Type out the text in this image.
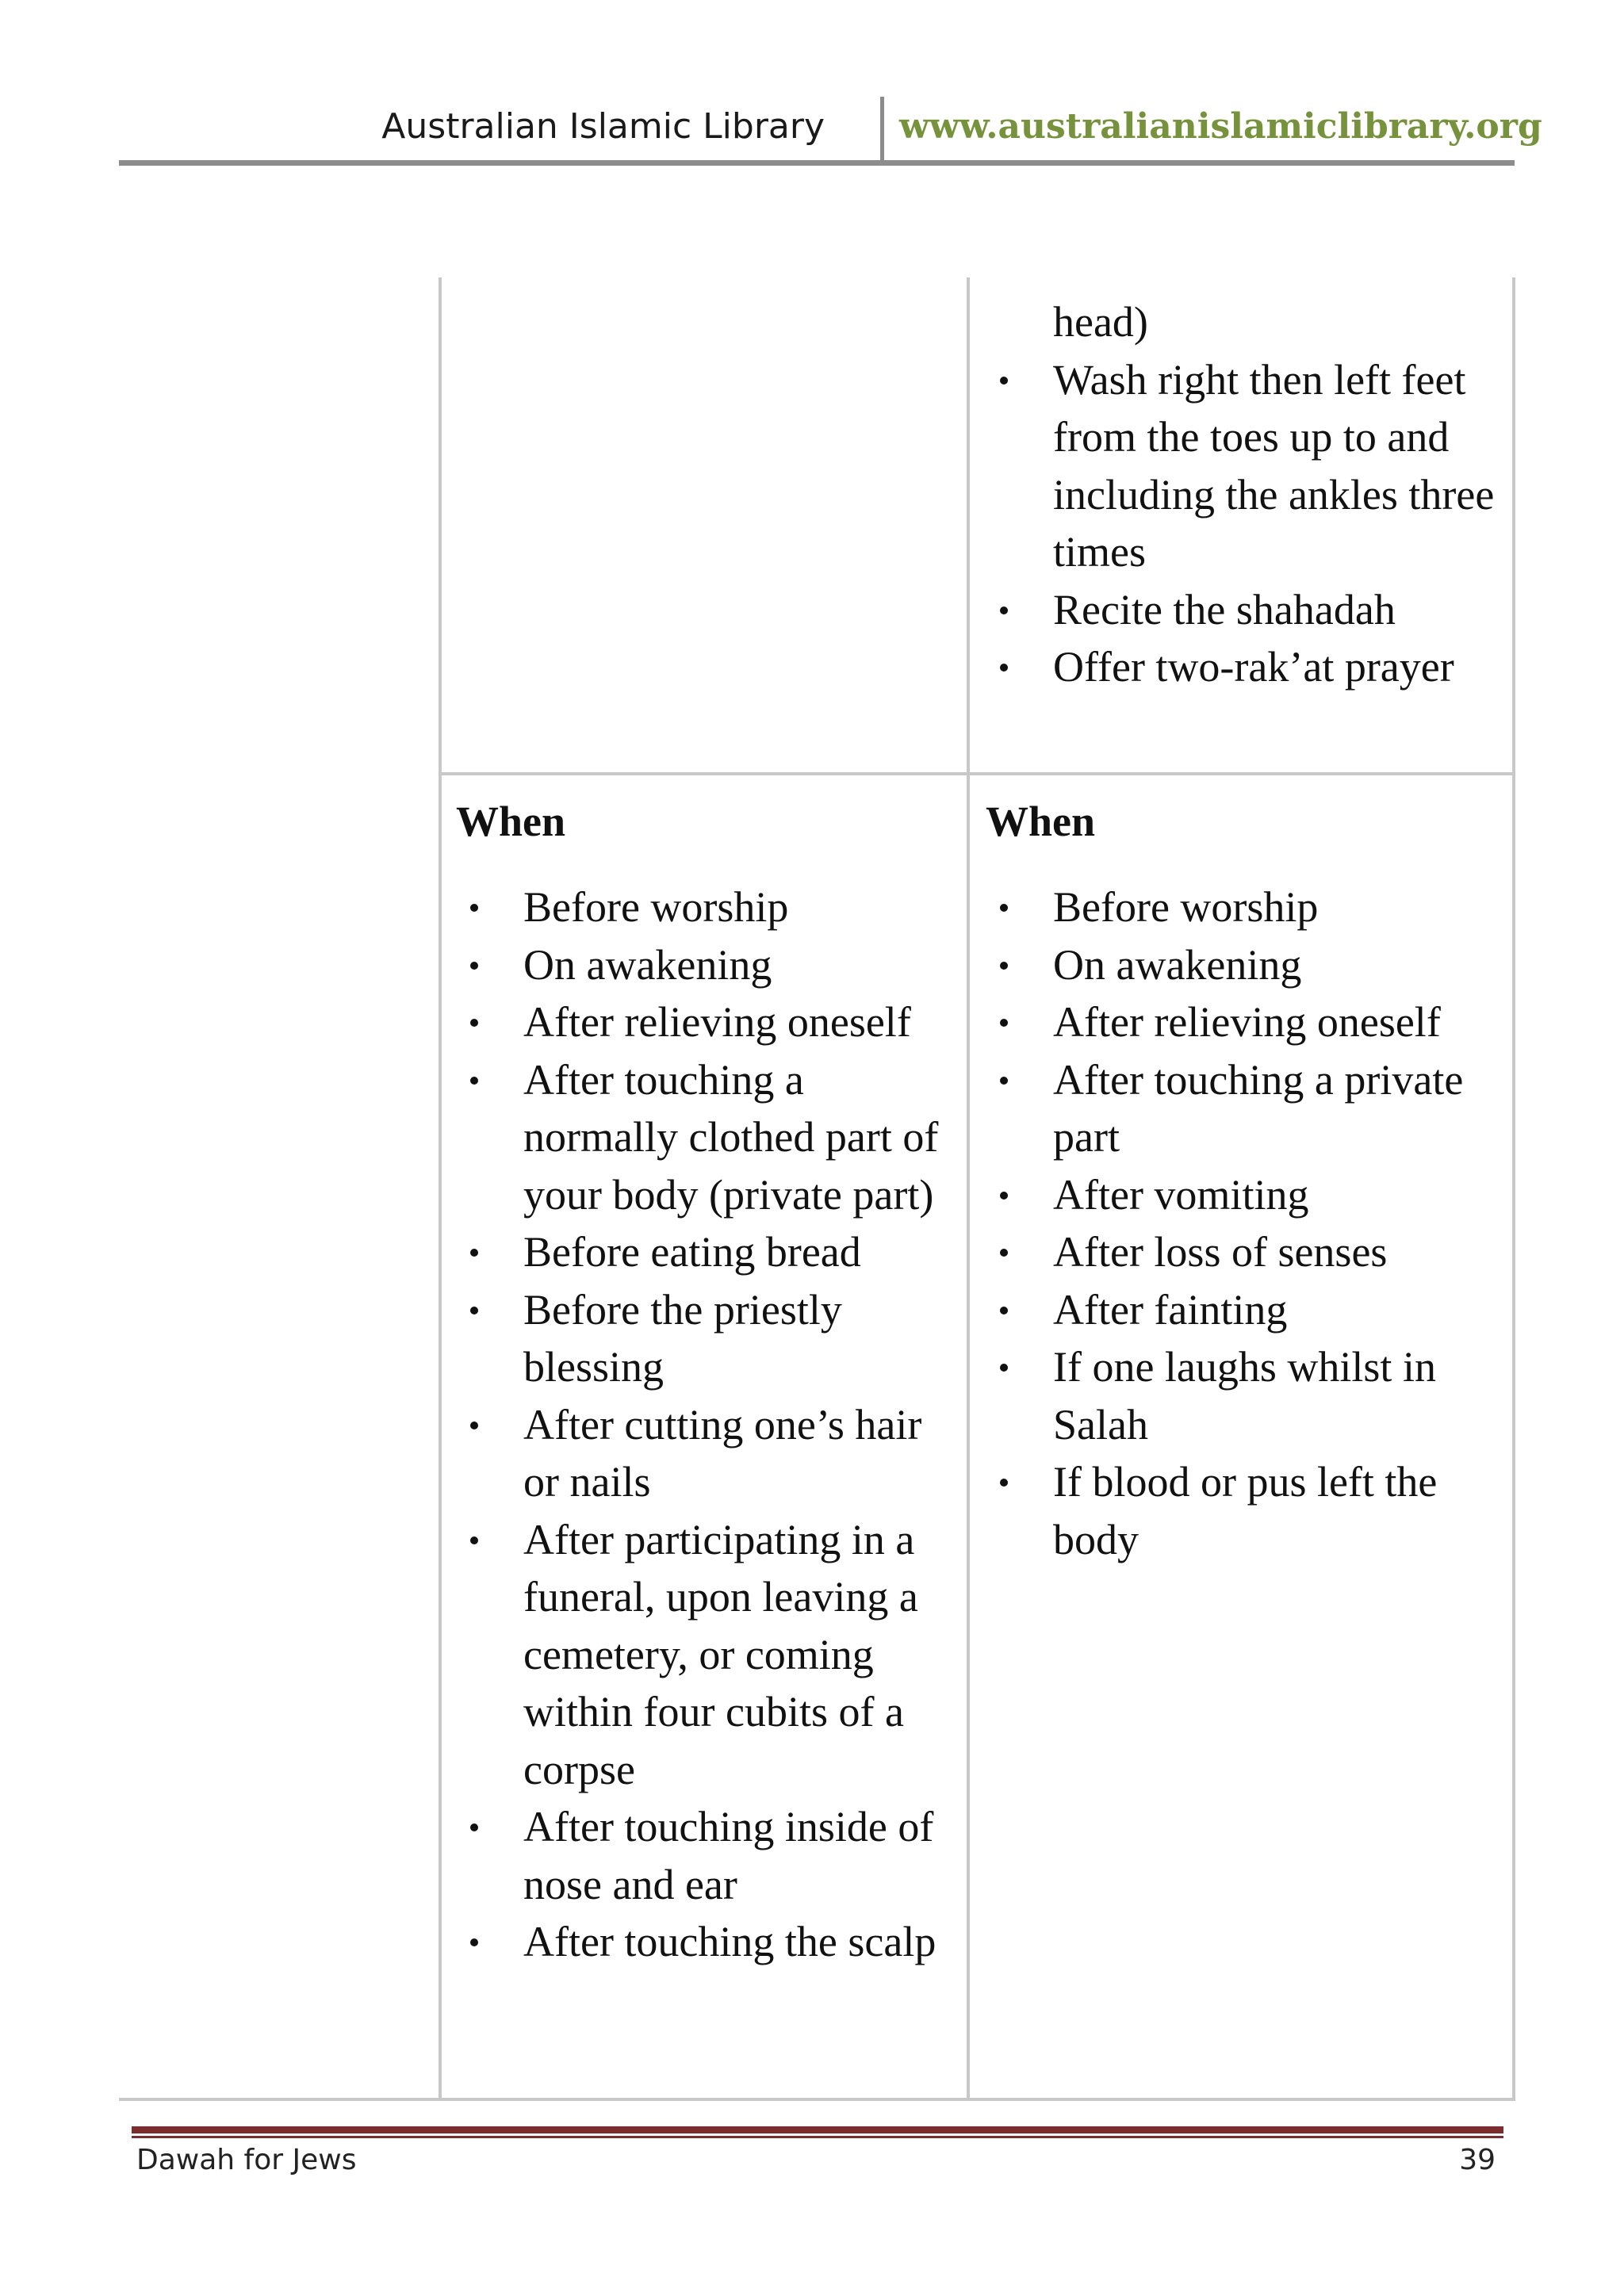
Australian Islamic Library www.australianislamiclibrary.org
head)
Wash right then left feet from the toes up to and including the ankles three times
Recite the shahadah
Offer two-rak’at prayer
When
Before worship
On awakening
After relieving oneself
After touching a normally clothed part of your body (private part)
Before eating bread
Before the priestly blessing
After cutting one’s hair or nails
After participating in a funeral, upon leaving a cemetery, or coming within four cubits of a corpse
After touching inside of nose and ear
After touching the scalp
When
Before worship
On awakening
After relieving oneself
After touching a private part
After vomiting
After loss of senses
After fainting
If one laughs whilst in Salah
If blood or pus left the body
Dawah for Jews	39
